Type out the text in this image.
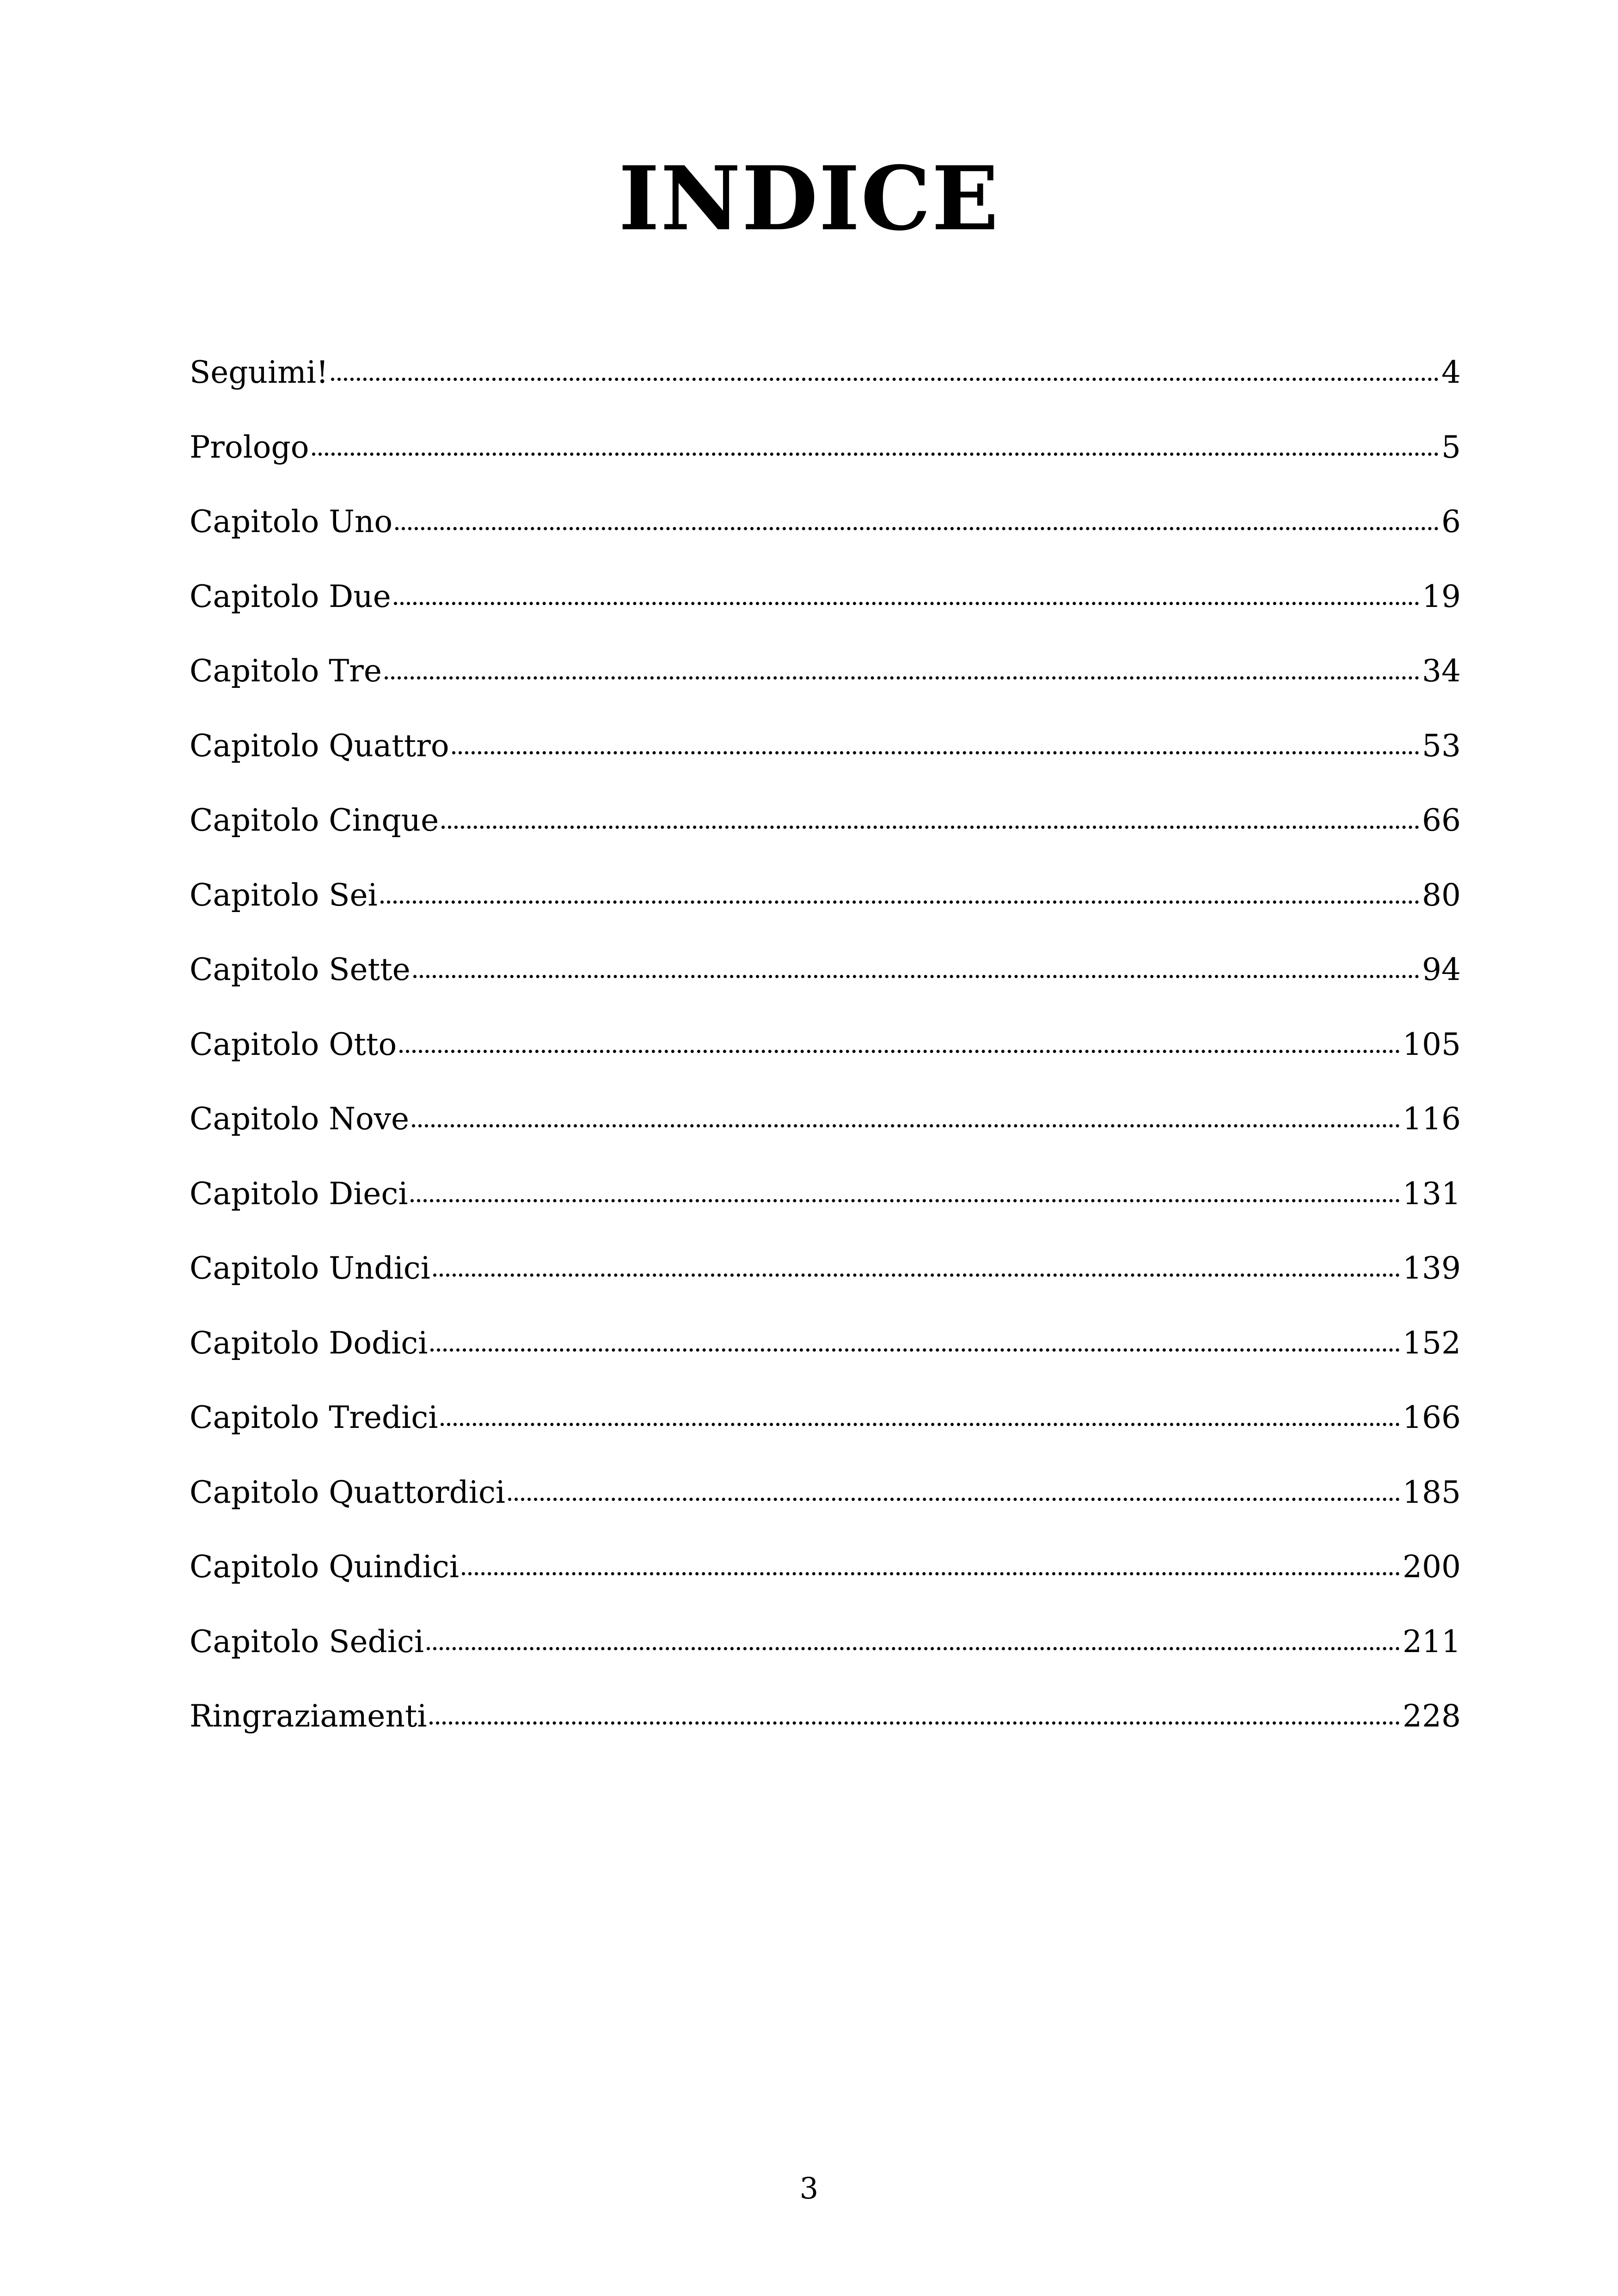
INDICE
Seguimi!	4
Prologo	5
Capitolo Uno	6
Capitolo Due	19
Capitolo Tre	34
Capitolo Quattro	53
Capitolo Cinque	66
Capitolo Sei	80
Capitolo Sette	94
Capitolo Otto	105
Capitolo Nove	116
Capitolo Dieci	131
Capitolo Undici	139
Capitolo Dodici	152
Capitolo Tredici	166
Capitolo Quattordici	185
Capitolo Quindici	200
Capitolo Sedici	211
Ringraziamenti	228
3
